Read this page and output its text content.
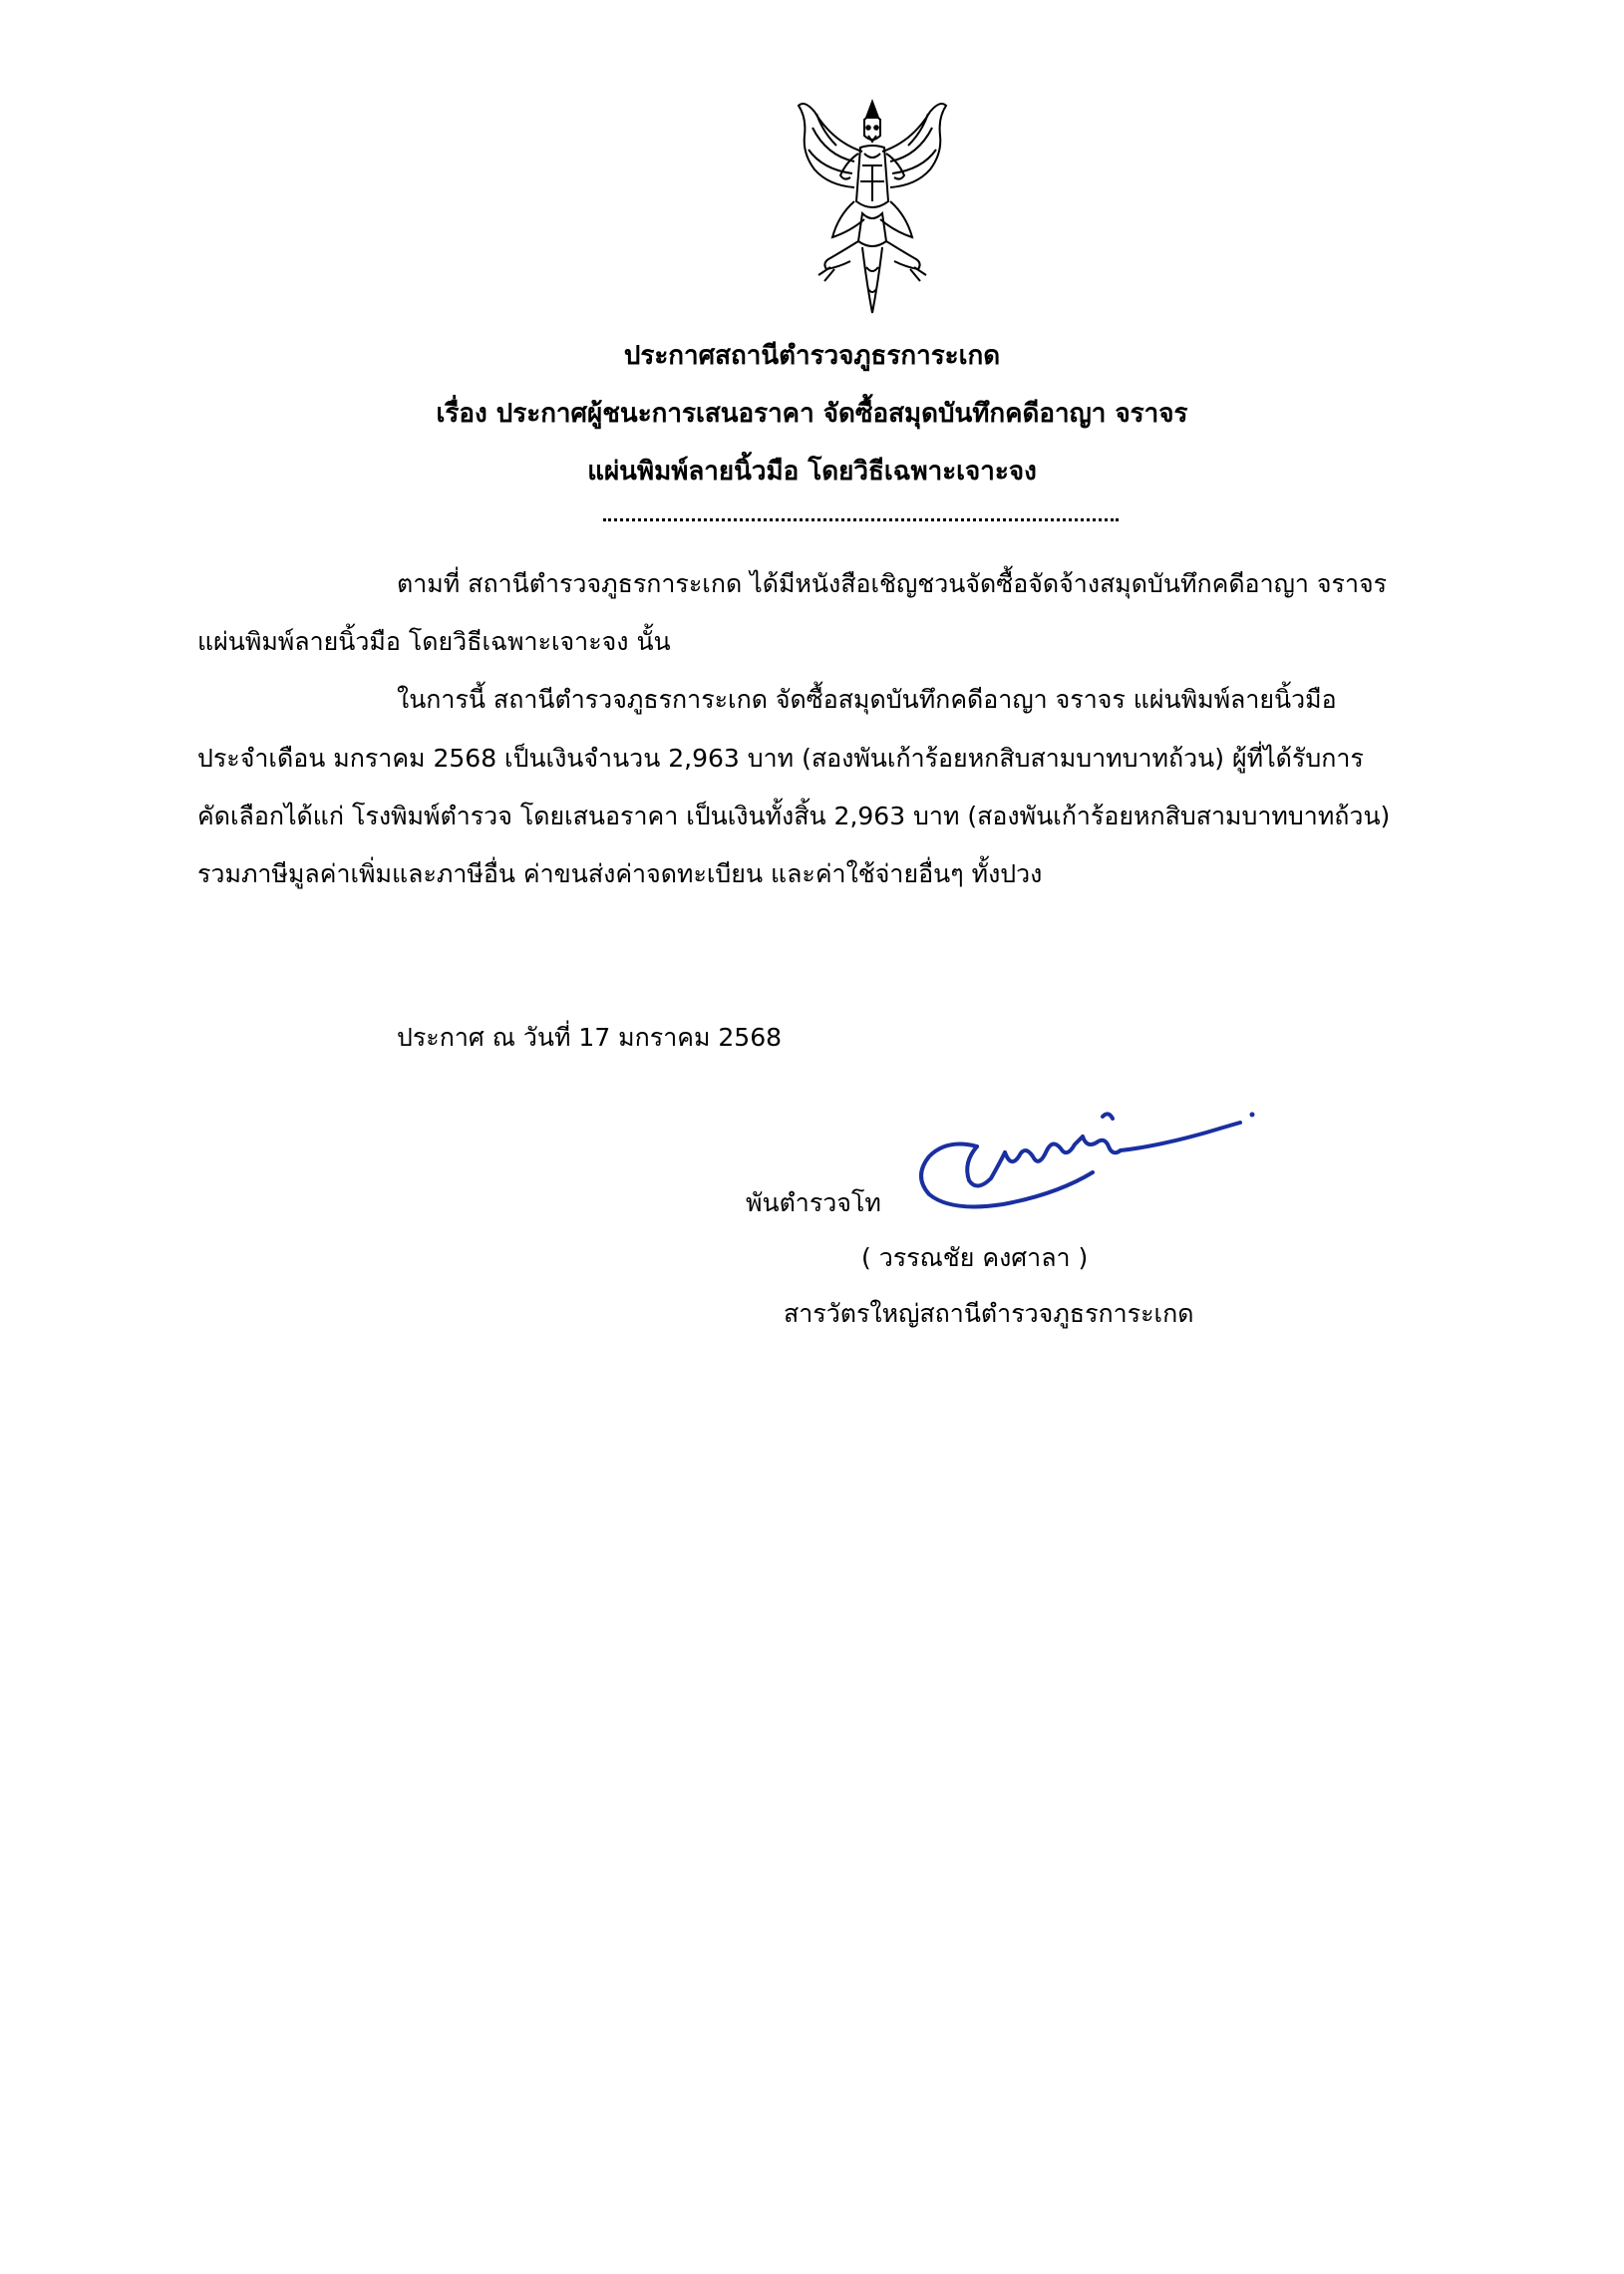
ประกาศสถานีตำรวจภูธรการะเกด
เรื่อง ประกาศผู้ชนะการเสนอราคา จัดซื้อสมุดบันทึกคดีอาญา จราจร
แผ่นพิมพ์ลายนิ้วมือ โดยวิธีเฉพาะเจาะจง
ตามที่ สถานีตำรวจภูธรการะเกด ได้มีหนังสือเชิญชวนจัดซื้อจัดจ้างสมุดบันทึกคดีอาญา จราจร
แผ่นพิมพ์ลายนิ้วมือ โดยวิธีเฉพาะเจาะจง นั้น
ในการนี้ สถานีตำรวจภูธรการะเกด จัดซื้อสมุดบันทึกคดีอาญา จราจร แผ่นพิมพ์ลายนิ้วมือ
ประจำเดือน มกราคม 2568 เป็นเงินจำนวน 2,963 บาท (สองพันเก้าร้อยหกสิบสามบาทบาทถ้วน) ผู้ที่ได้รับการ
คัดเลือกได้แก่ โรงพิมพ์ตำรวจ โดยเสนอราคา เป็นเงินทั้งสิ้น 2,963 บาท (สองพันเก้าร้อยหกสิบสามบาทบาทถ้วน)
รวมภาษีมูลค่าเพิ่มและภาษีอื่น ค่าขนส่งค่าจดทะเบียน และค่าใช้จ่ายอื่นๆ ทั้งปวง
ประกาศ ณ วันที่ 17 มกราคม 2568
พันตำรวจโท
( วรรณชัย คงศาลา )
สารวัตรใหญ่สถานีตำรวจภูธรการะเกด
